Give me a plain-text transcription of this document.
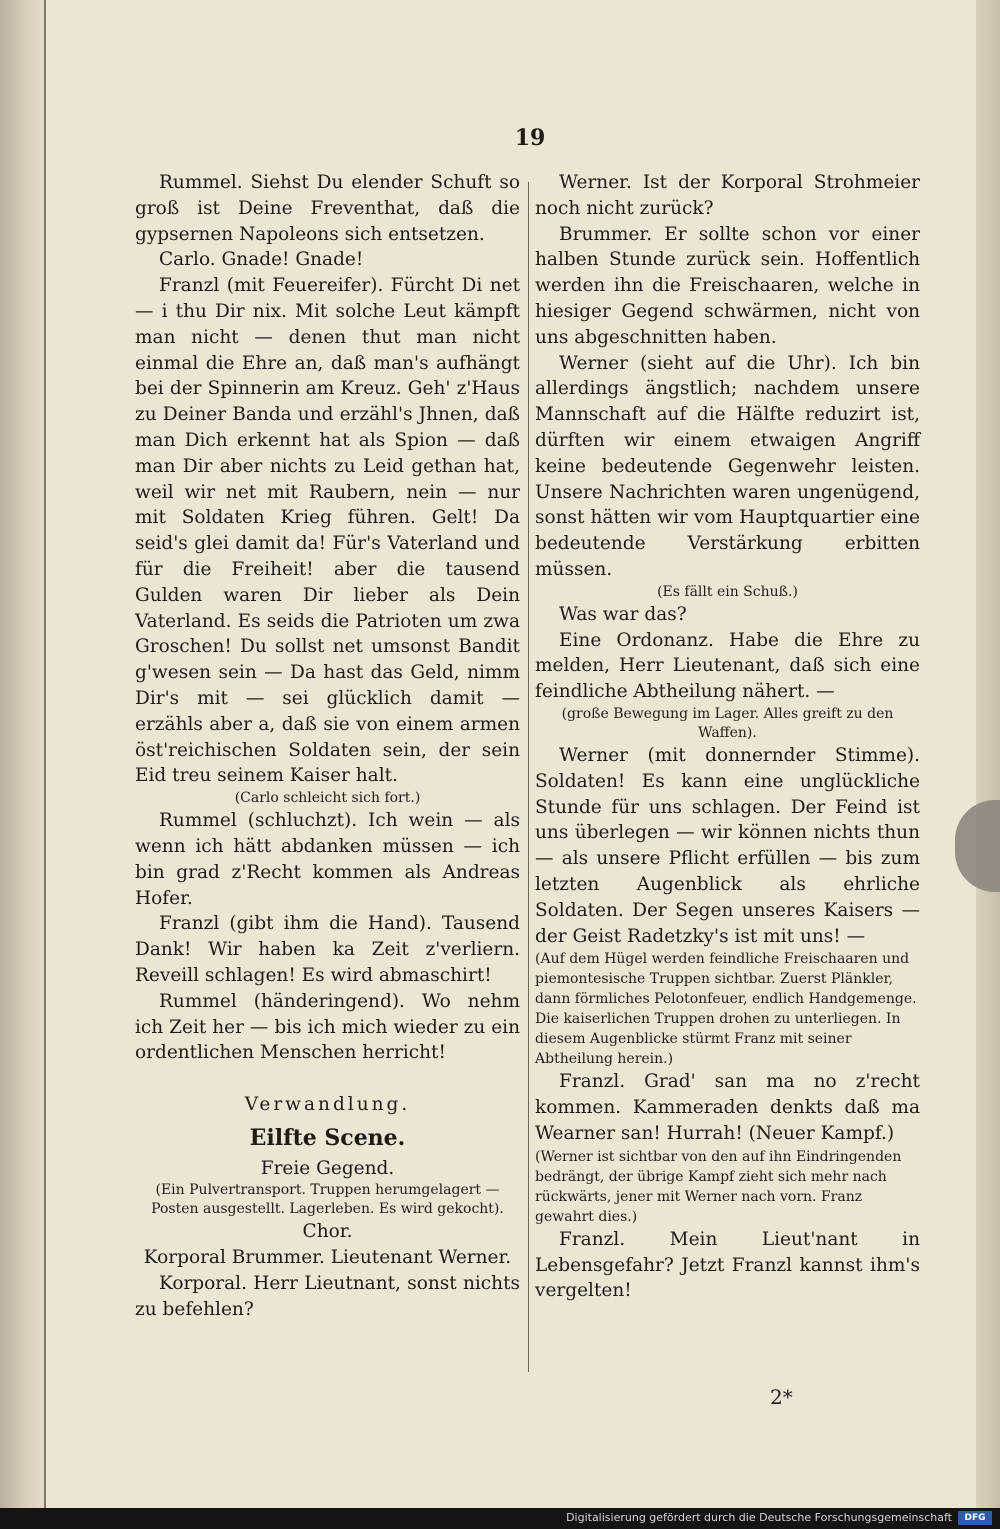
19

Rummel. Siehst Du elender Schuft so groß ist Deine Freventhat, daß die gypsernen Napoleons sich entsetzen.

Carlo. Gnade! Gnade!

Franzl (mit Feuereifer). Fürcht Di net — i thu Dir nix. Mit solche Leut kämpft man nicht — denen thut man nicht einmal die Ehre an, daß man's aufhängt bei der Spinnerin am Kreuz. Geh' z'Haus zu Deiner Banda und erzähl's Jhnen, daß man Dich erkennt hat als Spion — daß man Dir aber nichts zu Leid gethan hat, weil wir net mit Raubern, nein — nur mit Soldaten Krieg führen. Gelt! Da seid's glei damit da! Für's Vaterland und für die Freiheit! aber die tausend Gulden waren Dir lieber als Dein Vaterland. Es seids die Patrioten um zwa Groschen! Du sollst net umsonst Bandit g'wesen sein — Da hast das Geld, nimm Dir's mit — sei glücklich damit — erzähls aber a, daß sie von einem armen öst'reichischen Soldaten sein, der sein Eid treu seinem Kaiser halt.

(Carlo schleicht sich fort.)

Rummel (schluchzt). Ich wein — als wenn ich hätt abdanken müssen — ich bin grad z'Recht kommen als Andreas Hofer.

Franzl (gibt ihm die Hand). Tausend Dank! Wir haben ka Zeit z'verliern. Reveill schlagen! Es wird abmaschirt!

Rummel (händeringend). Wo nehm ich Zeit her — bis ich mich wieder zu ein ordentlichen Menschen herricht!

Verwandlung.

Eilfte Scene.

Freie Gegend.

(Ein Pulvertransport. Truppen herumgelagert — Posten ausgestellt. Lagerleben. Es wird gekocht).

Chor.

Korporal Brummer. Lieutenant Werner.

Korporal. Herr Lieutnant, sonst nichts zu befehlen?

Werner. Ist der Korporal Strohmeier noch nicht zurück?

Brummer. Er sollte schon vor einer halben Stunde zurück sein. Hoffentlich werden ihn die Freischaaren, welche in hiesiger Gegend schwärmen, nicht von uns abgeschnitten haben.

Werner (sieht auf die Uhr). Ich bin allerdings ängstlich; nachdem unsere Mannschaft auf die Hälfte reduzirt ist, dürften wir einem etwaigen Angriff keine bedeutende Gegenwehr leisten. Unsere Nachrichten waren ungenügend, sonst hätten wir vom Hauptquartier eine bedeutende Verstärkung erbitten müssen.

(Es fällt ein Schuß.)

Was war das?

Eine Ordonanz. Habe die Ehre zu melden, Herr Lieutenant, daß sich eine feindliche Abtheilung nähert. —

(große Bewegung im Lager. Alles greift zu den Waffen).

Werner (mit donnernder Stimme). Soldaten! Es kann eine unglückliche Stunde für uns schlagen. Der Feind ist uns überlegen — wir können nichts thun — als unsere Pflicht erfüllen — bis zum letzten Augenblick als ehrliche Soldaten. Der Segen unseres Kaisers — der Geist Radetzky's ist mit uns! —

(Auf dem Hügel werden feindliche Freischaaren und piemontesische Truppen sichtbar. Zuerst Plänkler, dann förmliches Pelotonfeuer, endlich Handgemenge. Die kaiserlichen Truppen drohen zu unterliegen. In diesem Augenblicke stürmt Franz mit seiner Abtheilung herein.)

Franzl. Grad' san ma no z'recht kommen. Kammeraden denkts daß ma Wearner san! Hurrah! (Neuer Kampf.)

(Werner ist sichtbar von den auf ihn Eindringenden bedrängt, der übrige Kampf zieht sich mehr nach rückwärts, jener mit Werner nach vorn. Franz gewahrt dies.)

Franzl. Mein Lieut'nant in Lebensgefahr? Jetzt Franzl kannst ihm's vergelten!

2*
Digitalisierung gefördert durch die Deutsche Forschungsgemeinschaft	DFG
